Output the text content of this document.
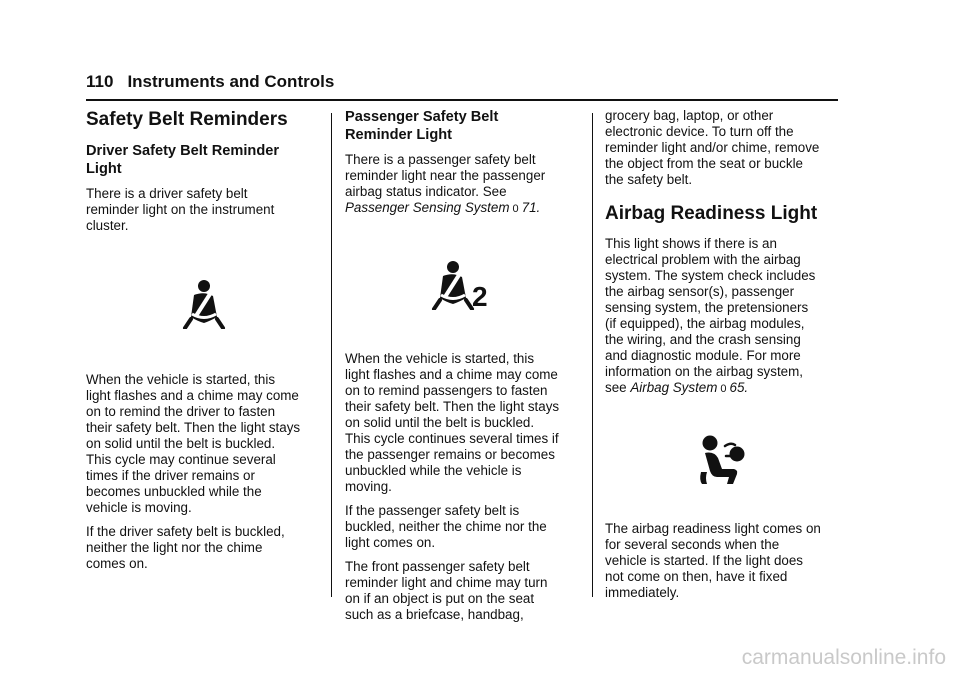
110 Instruments and Controls
Safety Belt Reminders
Driver Safety Belt Reminder
Light

There is a driver safety belt
reminder light on the instrument
cluster.

When the vehicle is started, this
light flashes and a chime may come
on to remind the driver to fasten
their safety belt. Then the light stays
on solid until the belt is buckled.
This cycle may continue several
times if the driver remains or
becomes unbuckled while the
vehicle is moving.

If the driver safety belt is buckled,
neither the light nor the chime
comes on.

Passenger Safety Belt
Reminder Light

There is a passenger safety belt
reminder light near the passenger
airbag status indicator. See
Passenger Sensing System 0 71.

2

When the vehicle is started, this
light flashes and a chime may come
on to remind passengers to fasten
their safety belt. Then the light stays
on solid until the belt is buckled.
This cycle continues several times if
the passenger remains or becomes
unbuckled while the vehicle is
moving.

If the passenger safety belt is
buckled, neither the chime nor the
light comes on.

The front passenger safety belt
reminder light and chime may turn
on if an object is put on the seat
such as a briefcase, handbag,

grocery bag, laptop, or other
electronic device. To turn off the
reminder light and/or chime, remove
the object from the seat or buckle
the safety belt.

Airbag Readiness Light

This light shows if there is an
electrical problem with the airbag
system. The system check includes
the airbag sensor(s), passenger
sensing system, the pretensioners
(if equipped), the airbag modules,
the wiring, and the crash sensing
and diagnostic module. For more
information on the airbag system,
see Airbag System 0 65.

The airbag readiness light comes on
for several seconds when the
vehicle is started. If the light does
not come on then, have it fixed
immediately.

carmanualsonline.info
